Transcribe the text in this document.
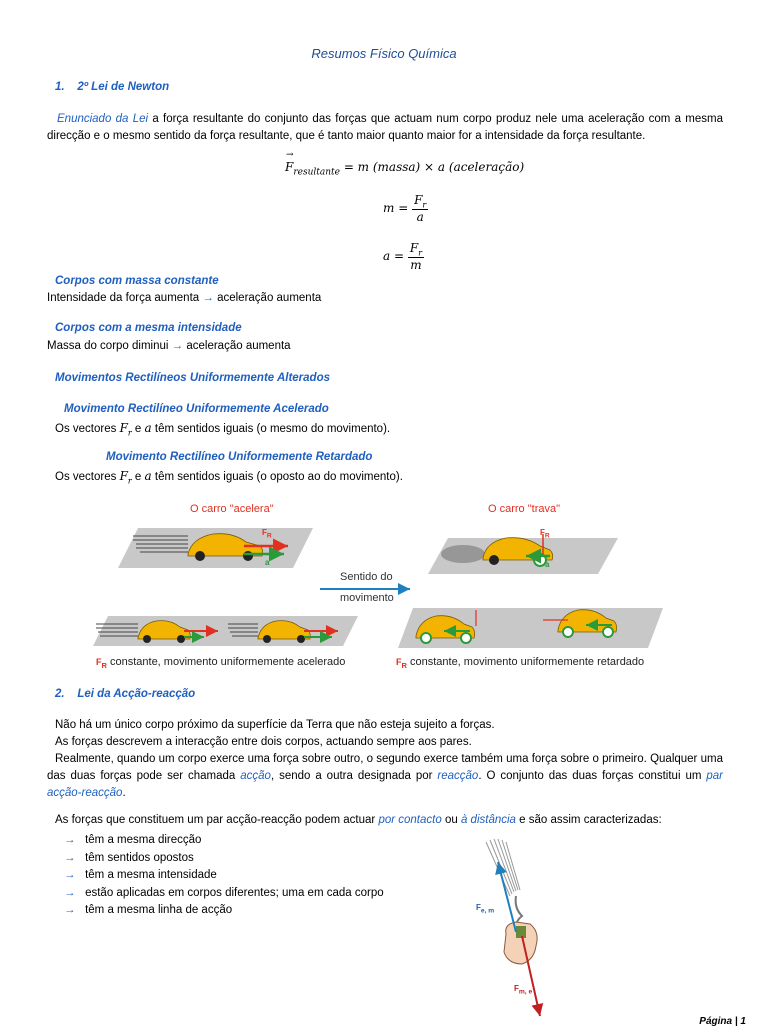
Resumos Físico Química
1. 2º Lei de Newton
Enunciado da Lei a força resultante do conjunto das forças que actuam num corpo produz nele uma aceleração com a mesma direcção e o mesmo sentido da força resultante, que é tanto maior quanto maior for a intensidade da força resultante.
F
→
$_{resultante}$ = m (massa) × a (aceleração)
$m = \frac{F_r}{a}$
$a = \frac{F_r}{m}$
Corpos com massa constante
Intensidade da força aumenta → aceleração aumenta
Corpos com a mesma intensidade
Massa do corpo diminui → aceleração aumenta
Movimentos Rectilíneos Uniformemente Alterados
Movimento Rectilíneo Uniformemente Acelerado
Os vectores $F_r$ e a têm sentidos iguais (o mesmo do movimento).
Movimento Rectilíneo Uniformemente Retardado
Os vectores $F_r$ e a têm sentidos iguais (o oposto ao do movimento).
O carro "acelera"	O carro "trava"
Sentido do
movimento
$F_R$
a
$F_R$
a
$F_R$ constante, movimento uniformemente acelerado	$F_R$ constante, movimento uniformemente retardado
2. Lei da Acção-reacção
Não há um único corpo próximo da superfície da Terra que não esteja sujeito a forças.
As forças descrevem a interacção entre dois corpos, actuando sempre aos pares.
Realmente, quando um corpo exerce uma força sobre outro, o segundo exerce também uma força sobre o primeiro. Qualquer uma das duas forças pode ser chamada acção, sendo a outra designada por reacção. O conjunto das duas forças constitui um par acção-reacção.
As forças que constituem um par acção-reacção podem actuar por contacto ou à distância e são assim caracterizadas:
→ têm a mesma direcção
→ têm sentidos opostos
→ têm a mesma intensidade
→ estão aplicadas em corpos diferentes; uma em cada corpo
→ têm a mesma linha de acção	$F_{e, m}$
$F_{m, e}$
Página | 1
